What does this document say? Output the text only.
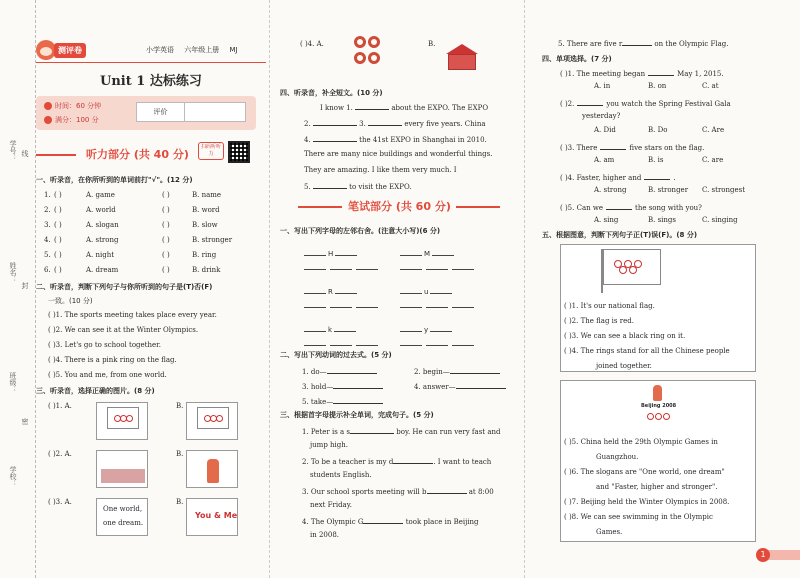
学号： 线
姓名：
封
班级：
密
学校：
测评卷	小学英语 六年级上册 MJ
Unit 1 达标练习
时间：60 分钟
满分：100 分
评价
听力部分 (共 40 分)
扫码听听力
一、听录音，在你所听到的单词前打"√"。(12 分)
1. ( )	A. game	( )	B. name
2. ( )	A. world	( )	B. word
3. ( )	A. slogan	( )	B. slow
4. ( )	A. strong	( )	B. stronger
5. ( )	A. night	( )	B. ring
6. ( )	A. dream	( )	B. drink
二、听录音，判断下列句子与你所听到的句子是(T)否(F)
一致。(10 分)
( )1. The sports meeting takes place every year.
( )2. We can see it at the Winter Olympics.
( )3. Let's go to school together.
( )4. There is a pink ring on the flag.
( )5. You and me, from one world.
三、听录音，选择正确的图片。(8 分)
( )1. A.	B.
( )2. A.	B.
( )3. A.
One world,
one dream.
B.
You & Me
( )4. A.	B.
四、听录音，补全短文。(10 分)
I know 1.	about the EXPO. The EXPO
2.	3.	every five years. China
4.	the 41st EXPO in Shanghai in 2010.
There are many nice buildings and wonderful things.
They are amazing. I like them very much. I
5.	to visit the EXPO.
笔试部分 (共 60 分)
一、写出下列字母的左邻右舍。(注意大小写)(6 分)
H	M
R	u
k	y
二、写出下列动词的过去式。(5 分)
1. do—	2. begin—
3. hold—	4. answer—
5. take—
三、根据首字母提示补全单词，完成句子。(5 分)
1. Peter is a s	boy. He can run very fast and
jump high.
2. To be a teacher is my d	. I want to teach
students English.
3. Our school sports meeting will b	at 8:00
next Friday.
4. The Olympic G	took place in Beijing
in 2008.
5. There are five r	on the Olympic Flag.
四、单项选择。(7 分)
( )1. The meeting began	May 1, 2015.
A. in	B. on	C. at
( )2.	you watch the Spring Festival Gala
yesterday?
A. Did	B. Do	C. Are
( )3. There	five stars on the flag.
A. am	B. is	C. are
( )4. Faster, higher and	.
A. strong	B. stronger C. strongest
( )5. Can we	the song with you?
A. sing	B. sings	C. singing
五、根据图意，判断下列句子正(T)误(F)。(8 分)
( )1. It's our national flag.
( )2. The flag is red.
( )3. We can see a black ring on it.
( )4. The rings stand for all the Chinese people
joined together.
Beijing 2008
( )5. China held the 29th Olympic Games in
Guangzhou.
( )6. The slogans are "One world, one dream"
and "Faster, higher and stronger".
( )7. Beijing held the Winter Olympics in 2008.
( )8. We can see swimming in the Olympic
Games.
1
